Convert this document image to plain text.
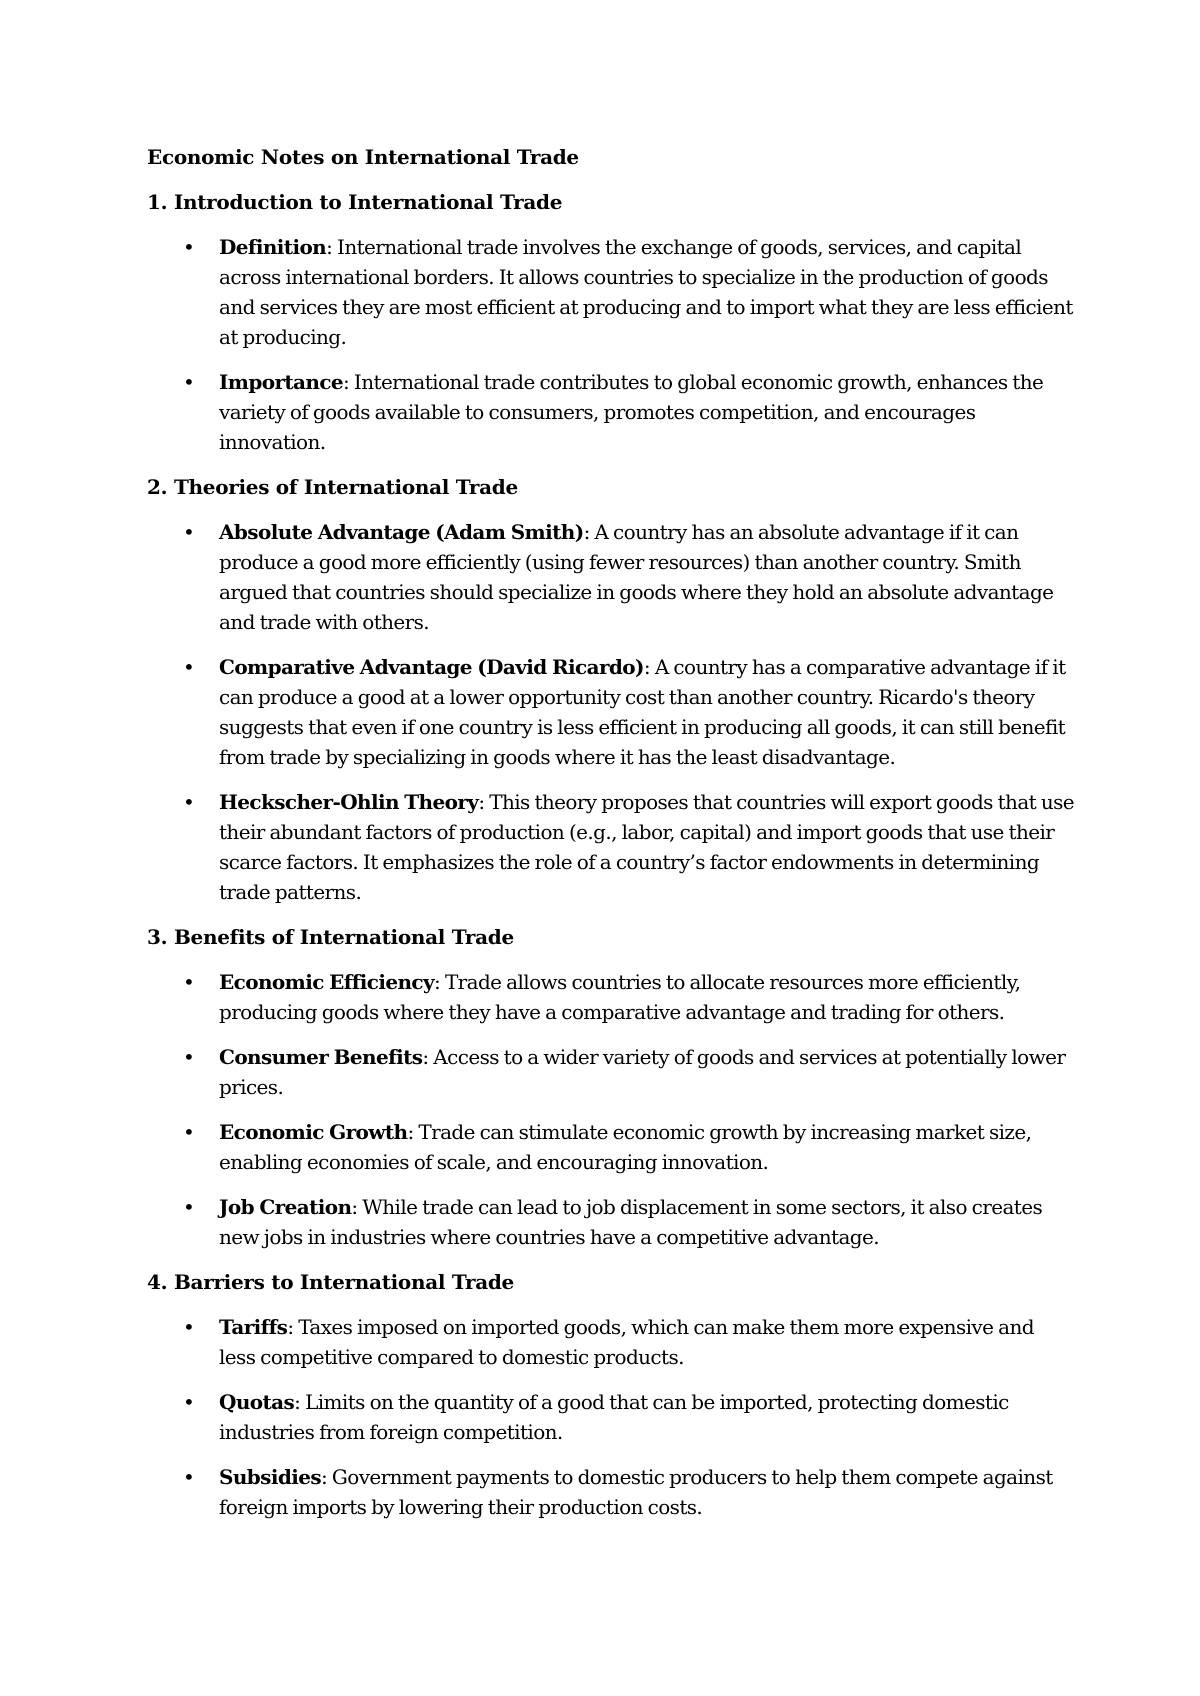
Economic Notes on International Trade
1. Introduction to International Trade
• Definition: International trade involves the exchange of goods, services, and capital across international borders. It allows countries to specialize in the production of goods and services they are most efficient at producing and to import what they are less efficient at producing.
• Importance: International trade contributes to global economic growth, enhances the variety of goods available to consumers, promotes competition, and encourages innovation.
2. Theories of International Trade
• Absolute Advantage (Adam Smith): A country has an absolute advantage if it can produce a good more efficiently (using fewer resources) than another country. Smith argued that countries should specialize in goods where they hold an absolute advantage and trade with others.
• Comparative Advantage (David Ricardo): A country has a comparative advantage if it can produce a good at a lower opportunity cost than another country. Ricardo's theory suggests that even if one country is less efficient in producing all goods, it can still benefit from trade by specializing in goods where it has the least disadvantage.
• Heckscher-Ohlin Theory: This theory proposes that countries will export goods that use their abundant factors of production (e.g., labor, capital) and import goods that use their scarce factors. It emphasizes the role of a country’s factor endowments in determining trade patterns.
3. Benefits of International Trade
• Economic Efficiency: Trade allows countries to allocate resources more efficiently, producing goods where they have a comparative advantage and trading for others.
• Consumer Benefits: Access to a wider variety of goods and services at potentially lower prices.
• Economic Growth: Trade can stimulate economic growth by increasing market size, enabling economies of scale, and encouraging innovation.
• Job Creation: While trade can lead to job displacement in some sectors, it also creates new jobs in industries where countries have a competitive advantage.
4. Barriers to International Trade
• Tariffs: Taxes imposed on imported goods, which can make them more expensive and less competitive compared to domestic products.
• Quotas: Limits on the quantity of a good that can be imported, protecting domestic industries from foreign competition.
• Subsidies: Government payments to domestic producers to help them compete against foreign imports by lowering their production costs.
